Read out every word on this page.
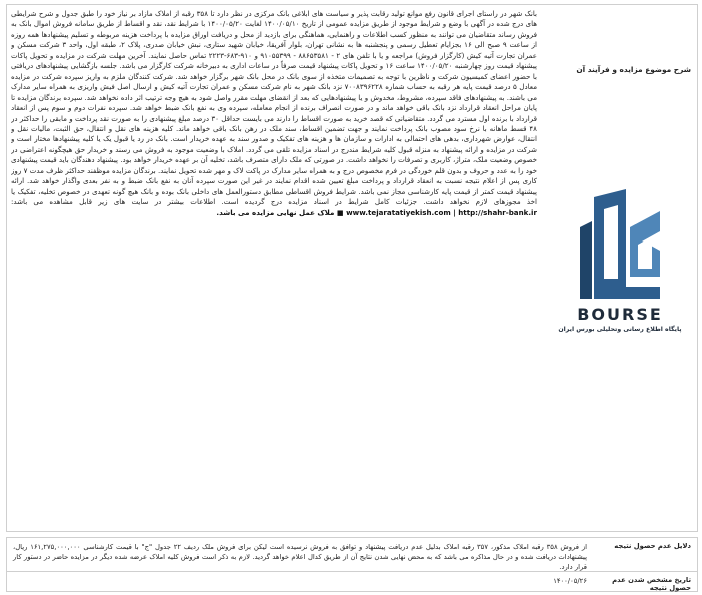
بانک شهر در راستای اجرای قانون رفع موانع تولید رقابت پذیر و سیاست های ابلاغی بانک مرکزی در نظر دارد تا ۳۵۸ رقبه از املاک مازاد بر نیاز خود را طبق جدول و شرح شرایطی های درج شده در آگهی با وضع و شرایط موجود از طریق مزایده عمومی از تاریخ ۱۴۰۰/۰۵/۱۰ لغایت ۱۴۰۰/۰۵/۲۰ با شرایط نقد، نقد و اقساط از طریق سامانه فروش اموال بانک به فروش رساند متقاضیان می توانند به منظور کسب اطلاعات و راهنمایی، هماهنگی برای بازدید از محل و دریافت اوراق مزایده با پرداخت هزینه مربوطه و تسلیم پیشنهادها همه روزه از ساعت ۹ صبح الی ۱۶ بجزایام تعطیل رسمی و پنجشنبه ها به نشانی تهران، بلوار آفریقا، خیابان شهید ستاری، نبش خیابان صدری، پلاک ۲، طبقه اول، واحد ۳ شرکت مسکن و عمران تجارت آتیه کیش (کارگزار فروش) مراجعه و یا با تلفن های ۲ - ۸۸۶۵۳۵۸۱ - ۹۱۰۵۵۳۹۹ و ۹۱۰-۶۸۳-۲۲۲۳ تماس حاصل نمایند. آخرین مهلت شرکت در مزایده و تحویل پاکات پیشنهاد قیمت روز چهارشنبه ۱۴۰۰/۰۵/۲۰ ساعت ۱۶ و تحویل پاکات پیشنهاد قیمت صرفاً در ساعات اداری به دبیرخانه شرکت کارگزار می باشد. جلسه بازگشایی پیشنهادهای دریافتی با حضور اعضای کمیسیون شرکت و ناظرین با توجه به تصمیمات متخذه از سوی بانک در محل بانک شهر برگزار خواهد شد. شرکت کنندگان ملزم به واریز سپرده شرکت در مزایده معادل ۵ درصد قیمت پایه هر رقبه به حساب شماره ۷۰۰۸۳۹۶۲۲۸ نزد بانک شهر به نام شرکت مسکن و عمران تجارت آتیه کیش و ارسال اصل فیش واریزی به همراه سایر مدارک می باشند. به پیشنهادهای فاقد سپرده، مشروط، مخدوش و یا پیشنهادهایی که بعد از انقضای مهلت مقرر واصل شود به هیچ وجه ترتیب اثر داده نخواهد شد. سپرده برندگان مزایده تا پایان مراحل انعقاد قرارداد نزد بانک باقی خواهد ماند و در صورت انصراف برنده از انجام معامله، سپرده وی به نفع بانک ضبط خواهد شد. سپرده نفرات دوم و سوم پس از انعقاد قرارداد با برنده اول مسترد می گردد. متقاضیانی که قصد خرید به صورت اقساط را دارند می بایست حداقل ۳۰ درصد مبلغ پیشنهادی را به صورت نقد پرداخت و مابقی را حداکثر در ۴۸ قسط ماهانه با نرخ سود مصوب بانک پرداخت نمایند و جهت تضمین اقساط، سند ملک در رهن بانک باقی خواهد ماند. کلیه هزینه های نقل و انتقال، حق الثبت، مالیات نقل و انتقال، عوارض شهرداری، بدهی های احتمالی به ادارات و سازمان ها و هزینه های تفکیک و صدور سند به عهده خریدار است. بانک در رد یا قبول یک یا کلیه پیشنهادها مختار است و شرکت در مزایده و ارائه پیشنهاد به منزله قبول کلیه شرایط مندرج در اسناد مزایده تلقی می گردد. املاک با وضعیت موجود به فروش می رسند و خریدار حق هیچگونه اعتراضی در خصوص وضعیت ملک، متراژ، کاربری و تصرفات را نخواهد داشت. در صورتی که ملک دارای متصرف باشد، تخلیه آن بر عهده خریدار خواهد بود. پیشنهاد دهندگان باید قیمت پیشنهادی خود را به عدد و حروف و بدون قلم خوردگی در فرم مخصوص درج و به همراه سایر مدارک در پاکت لاک و مهر شده تحویل نمایند. برندگان مزایده موظفند حداکثر ظرف مدت ۷ روز کاری پس از اعلام نتیجه نسبت به انعقاد قرارداد و پرداخت مبلغ تعیین شده اقدام نمایند در غیر این صورت سپرده آنان به نفع بانک ضبط و به نفر بعدی واگذار خواهد شد. ارائه پیشنهاد قیمت کمتر از قیمت پایه کارشناسی مجاز نمی باشد. شرایط فروش اقساطی مطابق دستورالعمل های داخلی بانک بوده و بانک هیچ گونه تعهدی در خصوص تخلیه، تفکیک یا اخذ مجوزهای لازم نخواهد داشت. جزئیات کامل شرایط در اسناد مزایده درج گردیده است. اطلاعات بیشتر در سایت های زیر قابل مشاهده می باشد: www.tejaratatiyekish.com | http://shahr-bank.ir ■ ملاک عمل نهایی مزایده می باشد.
شرح موضوع مزایده و فرآیند آن
BOURSE
پایگاه اطلاع رسانی وتحلیلی بورس ایران
دلایل عدم حصول نتیجه
از فروش ۳۵۸ رقبه املاک مذکور، ۳۵۷ رقبه املاک بدلیل عدم دریافت پیشنهاد و توافق به فروش نرسیده است لیکن برای فروش ملک ردیف ۲۲ جدول "ج" با قیمت کارشناسی ۱۶۱,۲۷۵,۰۰۰,۰۰۰ ریال، پیشنهادات دریافت شده و در حال مذاکره می باشد که به محض نهایی شدن نتایج آن از طریق کدال اعلام خواهد گردید. لازم به ذکر است فروش کلیه املاک عرضه شده دیگر در مزایده حاضر در دستور کار قرار دارد.
تاریخ مشخص شدن عدم حصول نتیجه
۱۴۰۰/۰۵/۲۶
